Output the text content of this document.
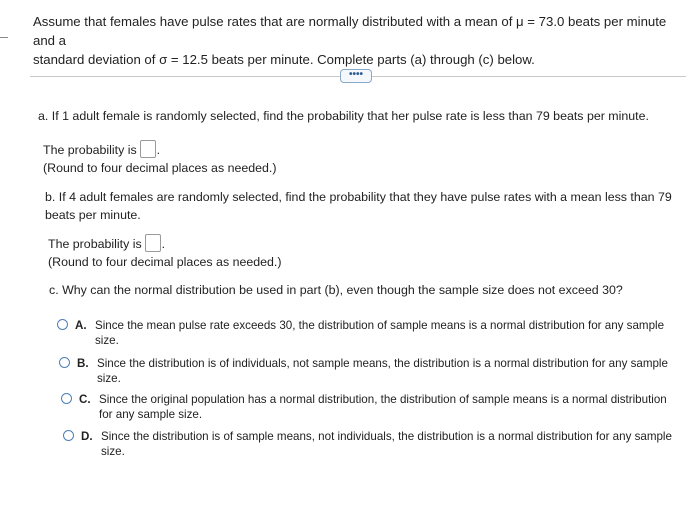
Assume that females have pulse rates that are normally distributed with a mean of μ = 73.0 beats per minute and a
standard deviation of σ = 12.5 beats per minute. Complete parts (a) through (c) below.
••••
a. If 1 adult female is randomly selected, find the probability that her pulse rate is less than 79 beats per minute.
The probability is .
(Round to four decimal places as needed.)
b. If 4 adult females are randomly selected, find the probability that they have pulse rates with a mean less than 79 beats per minute.
The probability is .
(Round to four decimal places as needed.)
c. Why can the normal distribution be used in part (b), even though the sample size does not exceed 30?
A. Since the mean pulse rate exceeds 30, the distribution of sample means is a normal distribution for any sample size.
B. Since the distribution is of individuals, not sample means, the distribution is a normal distribution for any sample size.
C. Since the original population has a normal distribution, the distribution of sample means is a normal distribution for any sample size.
D. Since the distribution is of sample means, not individuals, the distribution is a normal distribution for any sample size.
